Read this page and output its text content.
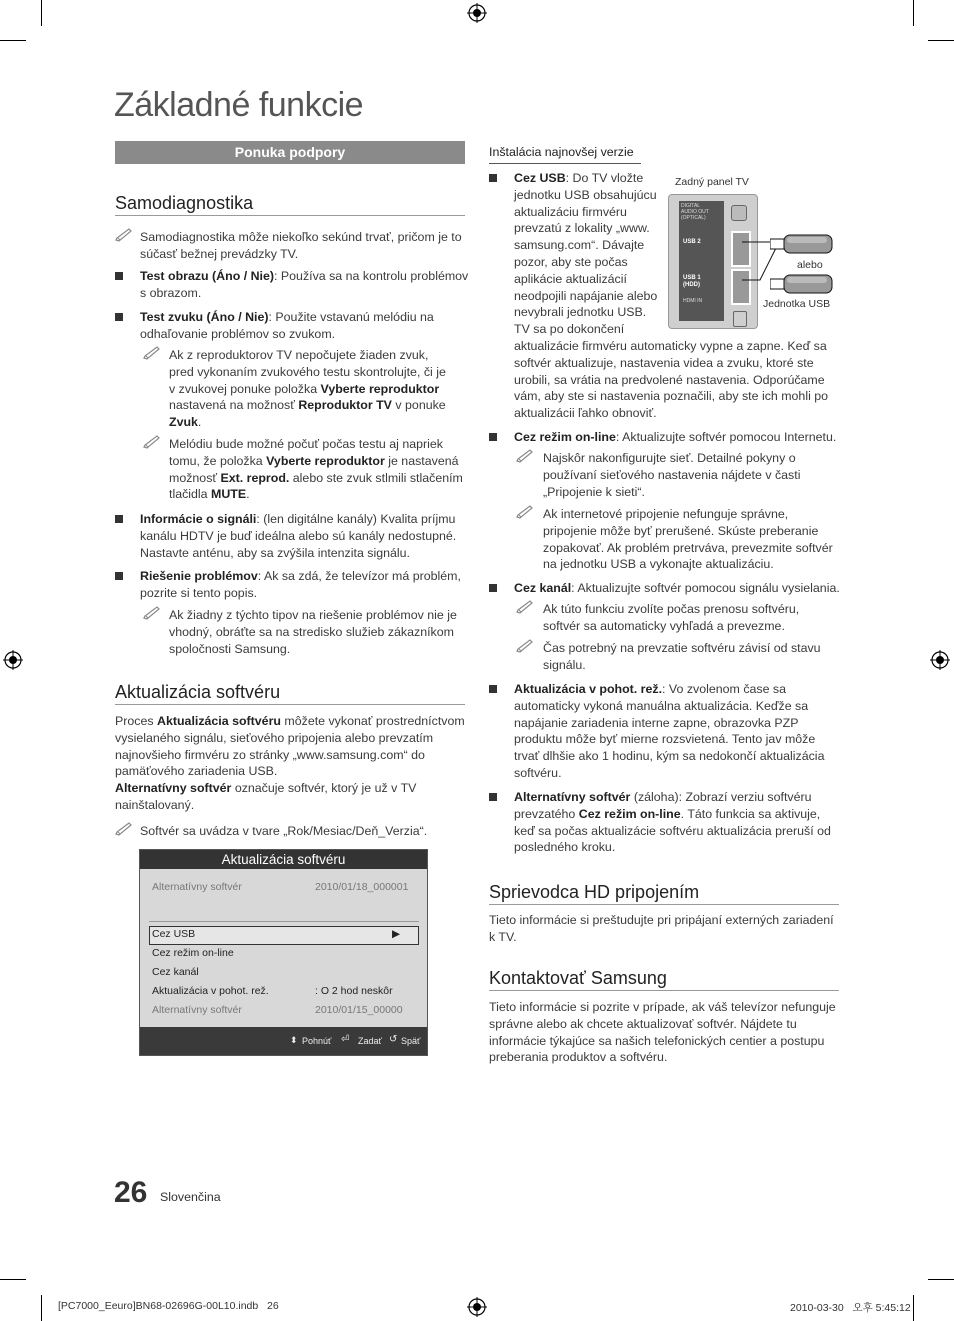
Základné funkcie
Ponuka podpory
Samodiagnostika
Samodiagnostika môže niekoľko sekúnd trvať, pričom je to
súčasť bežnej prevádzky TV.
Test obrazu (Áno / Nie): Používa sa na kontrolu problémov
s obrazom.
Test zvuku (Áno / Nie): Použite vstavanú melódiu na
odhaľovanie problémov so zvukom.
Ak z reproduktorov TV nepočujete žiaden zvuk,
pred vykonaním zvukového testu skontrolujte, či je
v zvukovej ponuke položka Vyberte reproduktor
nastavená na možnosť Reproduktor TV v ponuke
Zvuk.
Melódiu bude možné počuť počas testu aj napriek
tomu, že položka Vyberte reproduktor je nastavená
možnosť Ext. reprod. alebo ste zvuk stlmili stlačením
tlačidla MUTE.
Informácie o signáli: (len digitálne kanály) Kvalita príjmu
kanálu HDTV je buď ideálna alebo sú kanály nedostupné.
Nastavte anténu, aby sa zvýšila intenzita signálu.
Riešenie problémov: Ak sa zdá, že televízor má problém,
pozrite si tento popis.
Ak žiadny z týchto tipov na riešenie problémov nie je
vhodný, obráťte sa na stredisko služieb zákazníkom
spoločnosti Samsung.
Aktualizácia softvéru
Proces Aktualizácia softvéru môžete vykonať prostredníctvom
vysielaného signálu, sieťového pripojenia alebo prevzatím
najnovšieho firmvéru zo stránky „www.samsung.com“ do
pamäťového zariadenia USB.
Alternatívny softvér označuje softvér, ktorý je už v TV
nainštalovaný.
Softvér sa uvádza v tvare „Rok/Mesiac/Deň_Verzia“.
Aktualizácia softvéru
Alternatívny softvér	2010/01/18_000001
Cez USB	▶
Cez režim on-line
Cez kanál
Aktualizácia v pohot. rež.	: O 2 hod neskôr
Alternatívny softvér	2010/01/15_00000
⬍ Pohnúť ⏎ Zadať ↺ Späť
26 Slovenčina
[PC7000_Eeuro]BN68-02696G-00L10.indb   26	2010-03-30   오후 5:45:12
Inštalácia najnovšej verzie
Cez USB: Do TV vložte
jednotku USB obsahujúcu
aktualizáciu firmvéru
prevzatú z lokality „www.
samsung.com“. Dávajte
pozor, aby ste počas
aplikácie aktualizácií
neodpojili napájanie alebo
nevybrali jednotku USB.
TV sa po dokončení
aktualizácie firmvéru automaticky vypne a zapne. Keď sa
softvér aktualizuje, nastavenia videa a zvuku, ktoré ste
urobili, sa vrátia na predvolené nastavenia. Odporúčame
vám, aby ste si nastavenia poznačili, aby ste ich mohli po
aktualizácii ľahko obnoviť.
Zadný panel TV
DIGITAL
AUDIO OUT
(OPTICAL)
USB 2
USB 1
(HDD)
HDMI IN
alebo
Jednotka USB
Cez režim on-line: Aktualizujte softvér pomocou Internetu.
Najskôr nakonfigurujte sieť. Detailné pokyny o
používaní sieťového nastavenia nájdete v časti
„Pripojenie k sieti“.
Ak internetové pripojenie nefunguje správne,
pripojenie môže byť prerušené. Skúste preberanie
zopakovať. Ak problém pretrváva, prevezmite softvér
na jednotku USB a vykonajte aktualizáciu.
Cez kanál: Aktualizujte softvér pomocou signálu vysielania.
Ak túto funkciu zvolíte počas prenosu softvéru,
softvér sa automaticky vyhľadá a prevezme.
Čas potrebný na prevzatie softvéru závisí od stavu
signálu.
Aktualizácia v pohot. rež.: Vo zvolenom čase sa
automaticky vykoná manuálna aktualizácia. Keďže sa
napájanie zariadenia interne zapne, obrazovka PZP
produktu môže byť mierne rozsvietená. Tento jav môže
trvať dlhšie ako 1 hodinu, kým sa nedokončí aktualizácia
softvéru.
Alternatívny softvér (záloha): Zobrazí verziu softvéru
prevzatého Cez režim on-line. Táto funkcia sa aktivuje,
keď sa počas aktualizácie softvéru aktualizácia preruší od
posledného kroku.
Sprievodca HD pripojením
Tieto informácie si preštudujte pri pripájaní externých zariadení
k TV.
Kontaktovať Samsung
Tieto informácie si pozrite v prípade, ak váš televízor nefunguje
správne alebo ak chcete aktualizovať softvér. Nájdete tu
informácie týkajúce sa našich telefonických centier a postupu
preberania produktov a softvéru.
